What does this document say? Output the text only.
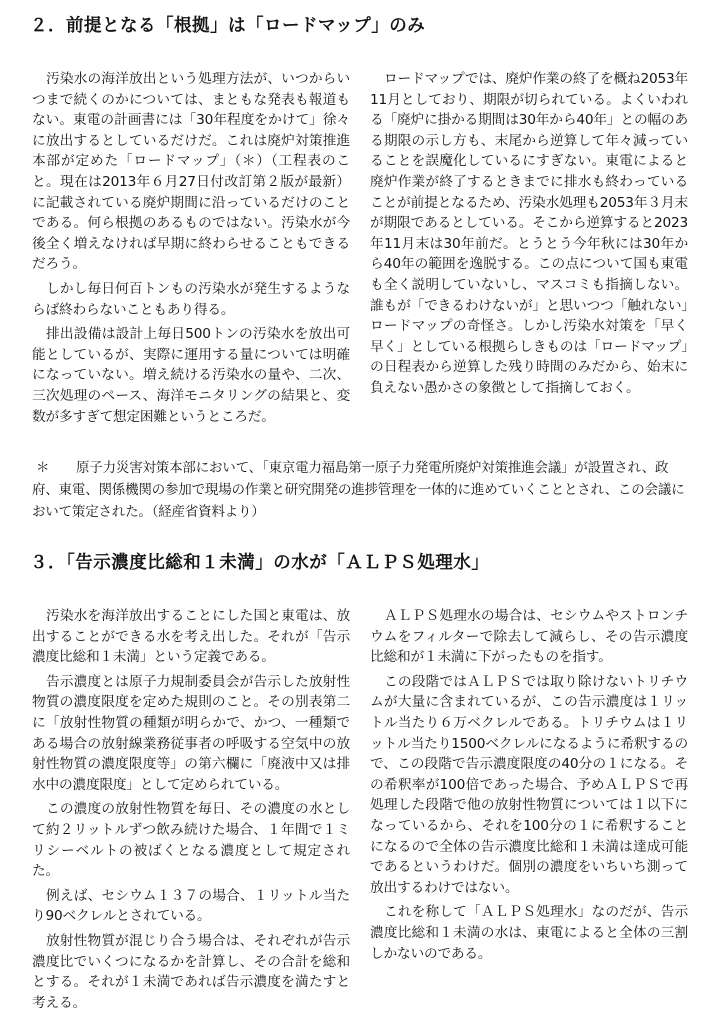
２．前提となる「根拠」は「ロードマップ」のみ

汚染水の海洋放出という処理方法が、いつからいつまで続くのかについては、まともな発表も報道もない。東電の計画書には「30年程度をかけて」徐々に放出するとしているだけだ。これは廃炉対策推進本部が定めた「ロードマップ」（＊）（工程表のこと。現在は2013年６月27日付改訂第２版が最新）に記載されている廃炉期間に沿っているだけのことである。何ら根拠のあるものではない。汚染水が今後全く増えなければ早期に終わらせることもできるだろう。

しかし毎日何百トンもの汚染水が発生するようならば終わらないこともあり得る。

排出設備は設計上毎日500トンの汚染水を放出可能としているが、実際に運用する量については明確になっていない。増え続ける汚染水の量や、二次、三次処理のペース、海洋モニタリングの結果と、変数が多すぎて想定困難というところだ。

ロードマップでは、廃炉作業の終了を概ね2053年11月としており、期限が切られている。よくいわれる「廃炉に掛かる期間は30年から40年」との幅のある期限の示し方も、末尾から逆算して年々減っていることを誤魔化しているにすぎない。東電によると廃炉作業が終了するときまでに排水も終わっていることが前提となるため、汚染水処理も2053年３月末が期限であるとしている。そこから逆算すると2023年11月末は30年前だ。とうとう今年秋には30年から40年の範囲を逸脱する。この点について国も東電も全く説明していないし、マスコミも指摘しない。誰もが「できるわけないが」と思いつつ「触れない」ロードマップの奇怪さ。しかし汚染水対策を「早く早く」としている根拠らしきものは「ロードマップ」の日程表から逆算した残り時間のみだから、始末に負えない愚かさの象徴として指摘しておく。

＊ 原子力災害対策本部において、「東京電力福島第一原子力発電所廃炉対策推進会議」が設置され、政府、東電、関係機関の参加で現場の作業と研究開発の進捗管理を一体的に進めていくこととされ、この会議において策定された。（経産省資料より）
３．「告示濃度比総和１未満」の水が「ＡＬＰＳ処理水」

汚染水を海洋放出することにした国と東電は、放出することができる水を考え出した。それが「告示濃度比総和１未満」という定義である。

告示濃度とは原子力規制委員会が告示した放射性物質の濃度限度を定めた規則のこと。その別表第二に「放射性物質の種類が明らかで、かつ、一種類である場合の放射線業務従事者の呼吸する空気中の放射性物質の濃度限度等」の第六欄に「廃液中又は排水中の濃度限度」として定められている。

この濃度の放射性物質を毎日、その濃度の水として約２リットルずつ飲み続けた場合、１年間で１ミリシーベルトの被ばくとなる濃度として規定された。

例えば、セシウム１３７の場合、１リットル当たり90ベクレルとされている。

放射性物質が混じり合う場合は、それぞれが告示濃度比でいくつになるかを計算し、その合計を総和とする。それが１未満であれば告示濃度を満たすと考える。

ＡＬＰＳ処理水の場合は、セシウムやストロンチウムをフィルターで除去して減らし、その告示濃度比総和が１未満に下がったものを指す。

この段階ではＡＬＰＳでは取り除けないトリチウムが大量に含まれているが、この告示濃度は１リットル当たり６万ベクレルである。トリチウムは１リットル当たり1500ベクレルになるように希釈するので、この段階で告示濃度限度の40分の１になる。その希釈率が100倍であった場合、予めＡＬＰＳで再処理した段階で他の放射性物質については１以下になっているから、それを100分の１に希釈することになるので全体の告示濃度比総和１未満は達成可能であるというわけだ。個別の濃度をいちいち測って放出するわけではない。

これを称して「ＡＬＰＳ処理水」なのだが、告示濃度比総和１未満の水は、東電によると全体の三割しかないのである。
